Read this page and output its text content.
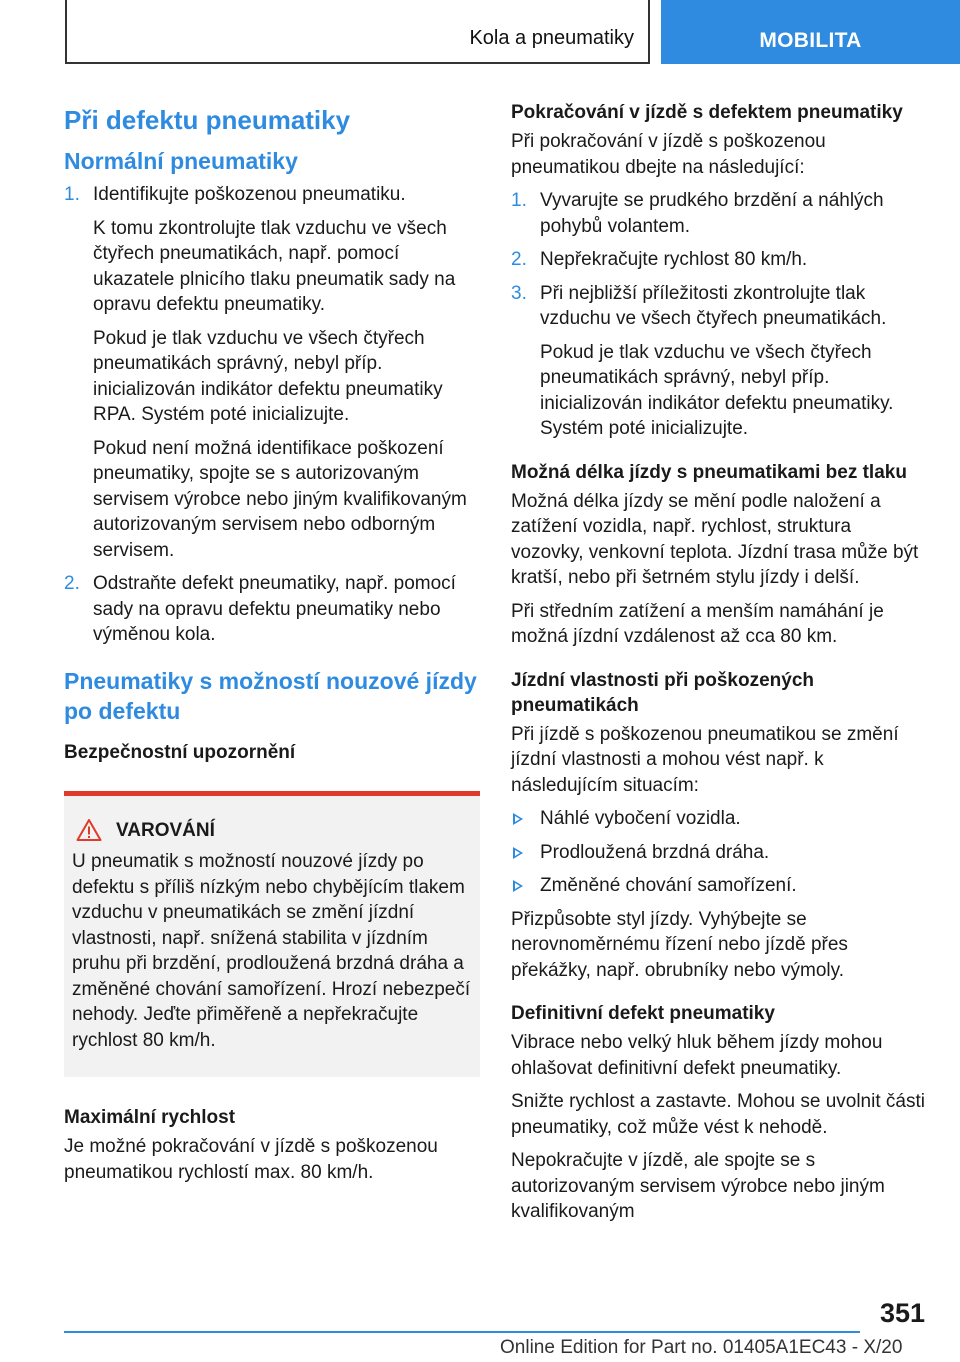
Kola a pneumatiky	MOBILITA
Při defektu pneumatiky
Normální pneumatiky
1. Identifikujte poškozenou pneumatiku.

K tomu zkontrolujte tlak vzduchu ve všech čtyřech pneumatikách, např. pomocí ukazatele plnicího tlaku pneumatik sady na opravu defektu pneumatiky.

Pokud je tlak vzduchu ve všech čtyřech pneumatikách správný, nebyl příp. inicializován indikátor defektu pneumatiky RPA. Systém poté inicializujte.

Pokud není možná identifikace poškození pneumatiky, spojte se s autorizovaným servisem výrobce nebo jiným kvalifikovaným autorizovaným servisem nebo odborným servisem.

2. Odstraňte defekt pneumatiky, např. pomocí sady na opravu defektu pneumatiky nebo výměnou kola.

Pneumatiky s možností nouzové jízdy po defektu
Bezpečnostní upozornění
VAROVÁNÍ

U pneumatik s možností nouzové jízdy po defektu s příliš nízkým nebo chybějícím tlakem vzduchu v pneumatikách se změní jízdní vlastnosti, např. snížená stabilita v jízdním pruhu při brzdění, prodloužená brzdná dráha a změněné chování samořízení. Hrozí nebezpečí nehody. Jeďte přiměřeně a nepřekračujte rychlost 80 km/h.

Maximální rychlost

Je možné pokračování v jízdě s poškozenou pneumatikou rychlostí max. 80 km/h.

Pokračování v jízdě s defektem pneumatiky

Při pokračování v jízdě s poškozenou pneumatikou dbejte na následující:

1. Vyvarujte se prudkého brzdění a náhlých pohybů volantem.

2. Nepřekračujte rychlost 80 km/h.

3. Při nejbližší příležitosti zkontrolujte tlak vzduchu ve všech čtyřech pneumatikách.

Pokud je tlak vzduchu ve všech čtyřech pneumatikách správný, nebyl příp. inicializován indikátor defektu pneumatiky. Systém poté inicializujte.

Možná délka jízdy s pneumatikami bez tlaku

Možná délka jízdy se mění podle naložení a zatížení vozidla, např. rychlost, struktura vozovky, venkovní teplota. Jízdní trasa může být kratší, nebo při šetrném stylu jízdy i delší.

Při středním zatížení a menším namáhání je možná jízdní vzdálenost až cca 80 km.

Jízdní vlastnosti při poškozených pneumatikách

Při jízdě s poškozenou pneumatikou se změní jízdní vlastnosti a mohou vést např. k následujícím situacím:

Náhlé vybočení vozidla.
Prodloužená brzdná dráha.
Změněné chování samořízení.

Přizpůsobte styl jízdy. Vyhýbejte se nerovnoměrnému řízení nebo jízdě přes překážky, např. obrubníky nebo výmoly.

Definitivní defekt pneumatiky

Vibrace nebo velký hluk během jízdy mohou ohlašovat definitivní defekt pneumatiky.

Snižte rychlost a zastavte. Mohou se uvolnit části pneumatiky, což může vést k nehodě.

Nepokračujte v jízdě, ale spojte se s autorizovaným servisem výrobce nebo jiným kvalifikovaným

351
Online Edition for Part no. 01405A1EC43 - X/20
